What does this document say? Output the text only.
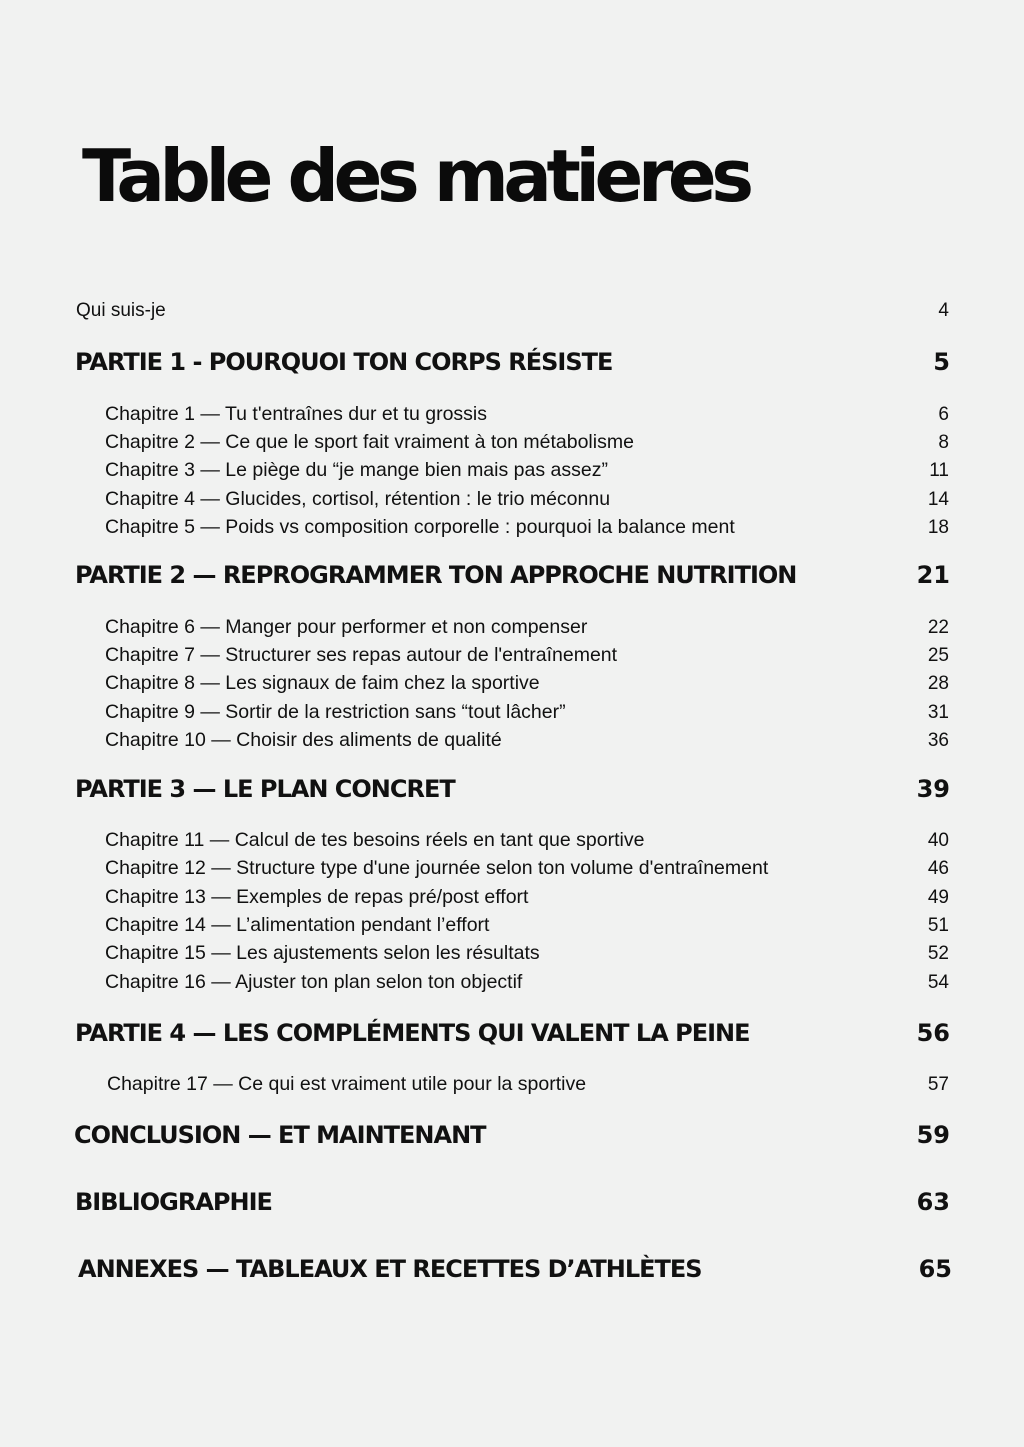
Table des matieres
Qui suis-je	4
PARTIE 1 - POURQUOI TON CORPS RÉSISTE	5
Chapitre 1 — Tu t'entraînes dur et tu grossis	6
Chapitre 2 — Ce que le sport fait vraiment à ton métabolisme	8
Chapitre 3 — Le piège du “je mange bien mais pas assez”	11
Chapitre 4 — Glucides, cortisol, rétention : le trio méconnu	14
Chapitre 5 — Poids vs composition corporelle : pourquoi la balance ment	18
PARTIE 2 — REPROGRAMMER TON APPROCHE NUTRITION	21
Chapitre 6 — Manger pour performer et non compenser	22
Chapitre 7 — Structurer ses repas autour de l'entraînement	25
Chapitre 8 — Les signaux de faim chez la sportive	28
Chapitre 9 — Sortir de la restriction sans “tout lâcher”	31
Chapitre 10 — Choisir des aliments de qualité	36
PARTIE 3 — LE PLAN CONCRET	39
Chapitre 11 — Calcul de tes besoins réels en tant que sportive	40
Chapitre 12 — Structure type d'une journée selon ton volume d'entraînement	46
Chapitre 13 — Exemples de repas pré/post effort	49
Chapitre 14 — L’alimentation pendant l’effort	51
Chapitre 15 — Les ajustements selon les résultats	52
Chapitre 16 — Ajuster ton plan selon ton objectif	54
PARTIE 4 — LES COMPLÉMENTS QUI VALENT LA PEINE	56
Chapitre 17 — Ce qui est vraiment utile pour la sportive	57
CONCLUSION — ET MAINTENANT	59
BIBLIOGRAPHIE	63
ANNEXES — TABLEAUX ET RECETTES D’ATHLÈTES	65
